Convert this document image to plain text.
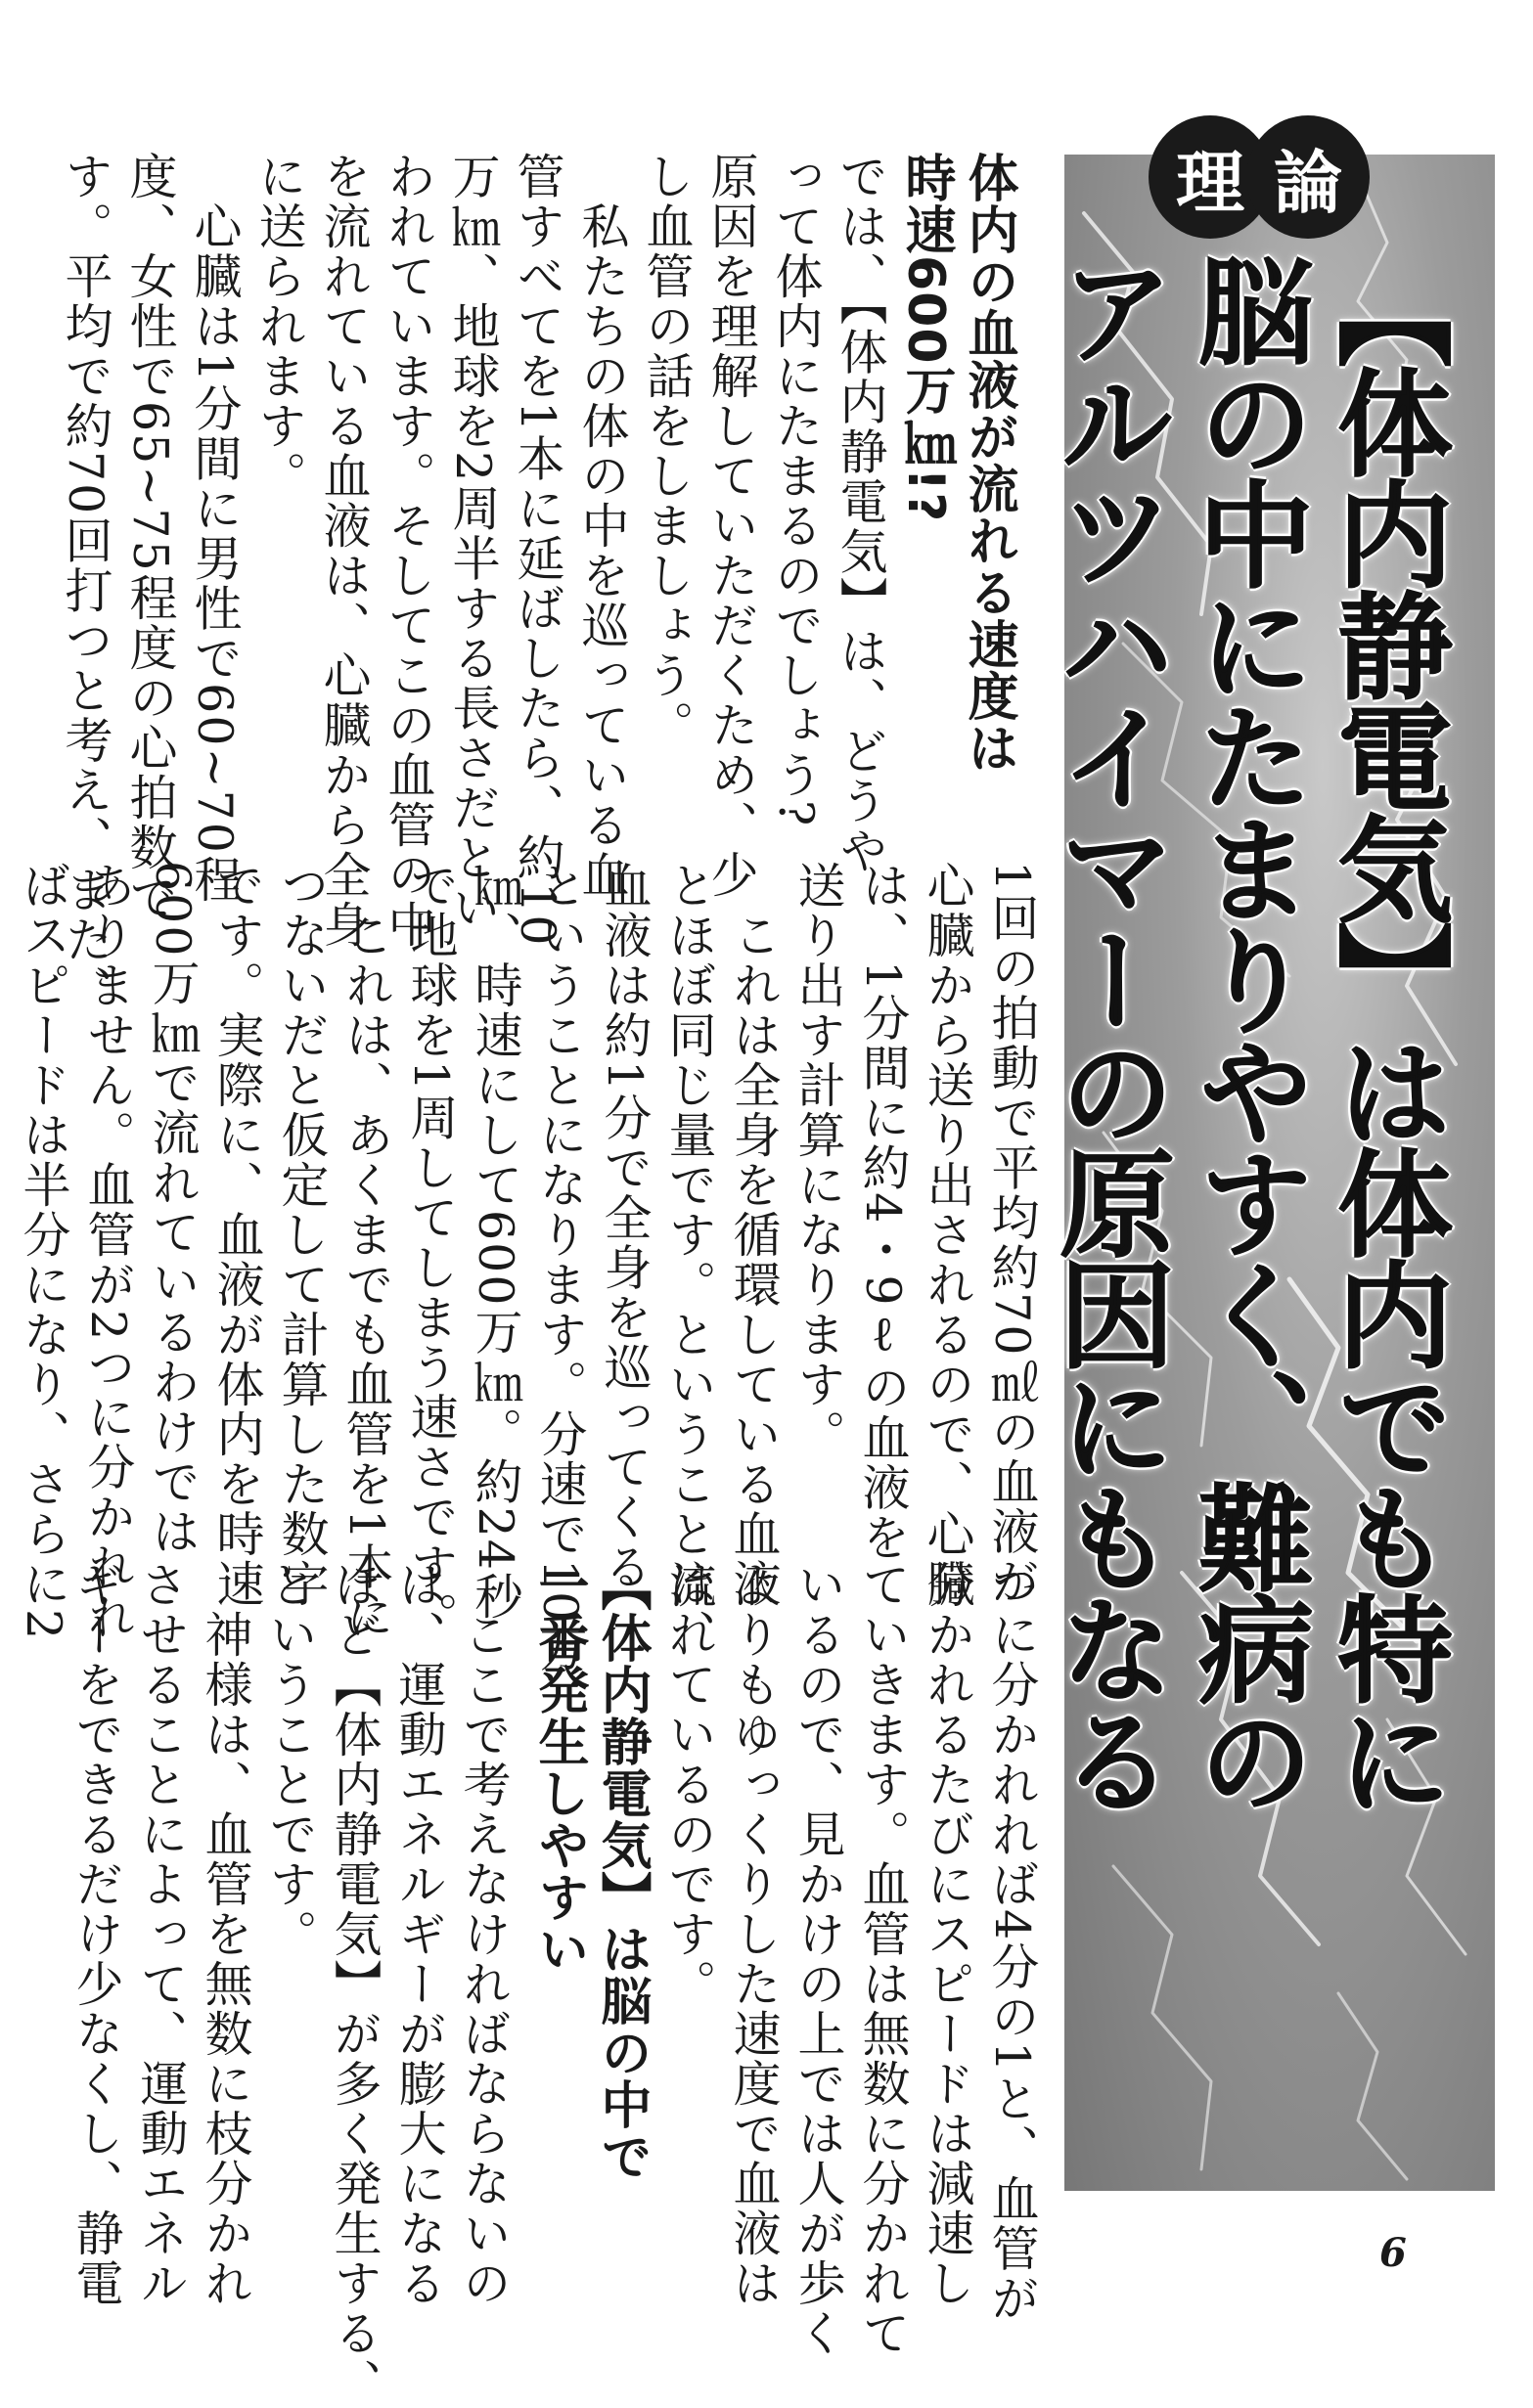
理 論
【体内静電気】は体内でも特に
脳の中にたまりやすく、難病の
アルツハイマーの原因にもなる
体内の血液が流れる速度は
時速600万㎞!?
では、【体内静電気】は、どうや
って体内にたまるのでしょう?
原因を理解していただくため、少
し血管の話をしましょう。
　私たちの体の中を巡っている血
管すべてを1本に延ばしたら、約10
万㎞、地球を2周半する長さだとい
われています。そしてこの血管の中
を流れている血液は、心臓から全身
に送られます。
　心臓は1分間に男性で60~70程
度、女性で65~75程度の心拍数で
す。平均で約70回打つと考え、また、
1回の拍動で平均約70㎖の血液が
心臓から送り出されるので、心臓
は、1分間に約4・9ℓの血液を
送り出す計算になります。
　これは全身を循環している血液
とほぼ同じ量です。ということは、
血液は約1分で全身を巡ってくる
ということになります。分速で10万
㎞、時速にして600万㎞。約24秒
で地球を1周してしまう速さです。
　これは、あくまでも血管を1本に
つないだと仮定して計算した数字
です。実際に、血液が体内を時速
600万㎞で流れているわけでは
ありません。血管が2つに分かれれ
ばスピードは半分になり、さらに2
つに分かれれば4分の1と、血管が
分かれるたびにスピードは減速し
ていきます。血管は無数に分かれて
いるので、見かけの上では人が歩く
よりもゆっくりした速度で血液は
流れているのです。
【体内静電気】は脳の中で
一番発生しやすい
　ここで考えなければならないの
は、運動エネルギーが膨大になる
ほど【体内静電気】が多く発生する、
ということです。
　神様は、血管を無数に枝分かれ
させることによって、運動エネル
ギーをできるだけ少なくし、静電	6
